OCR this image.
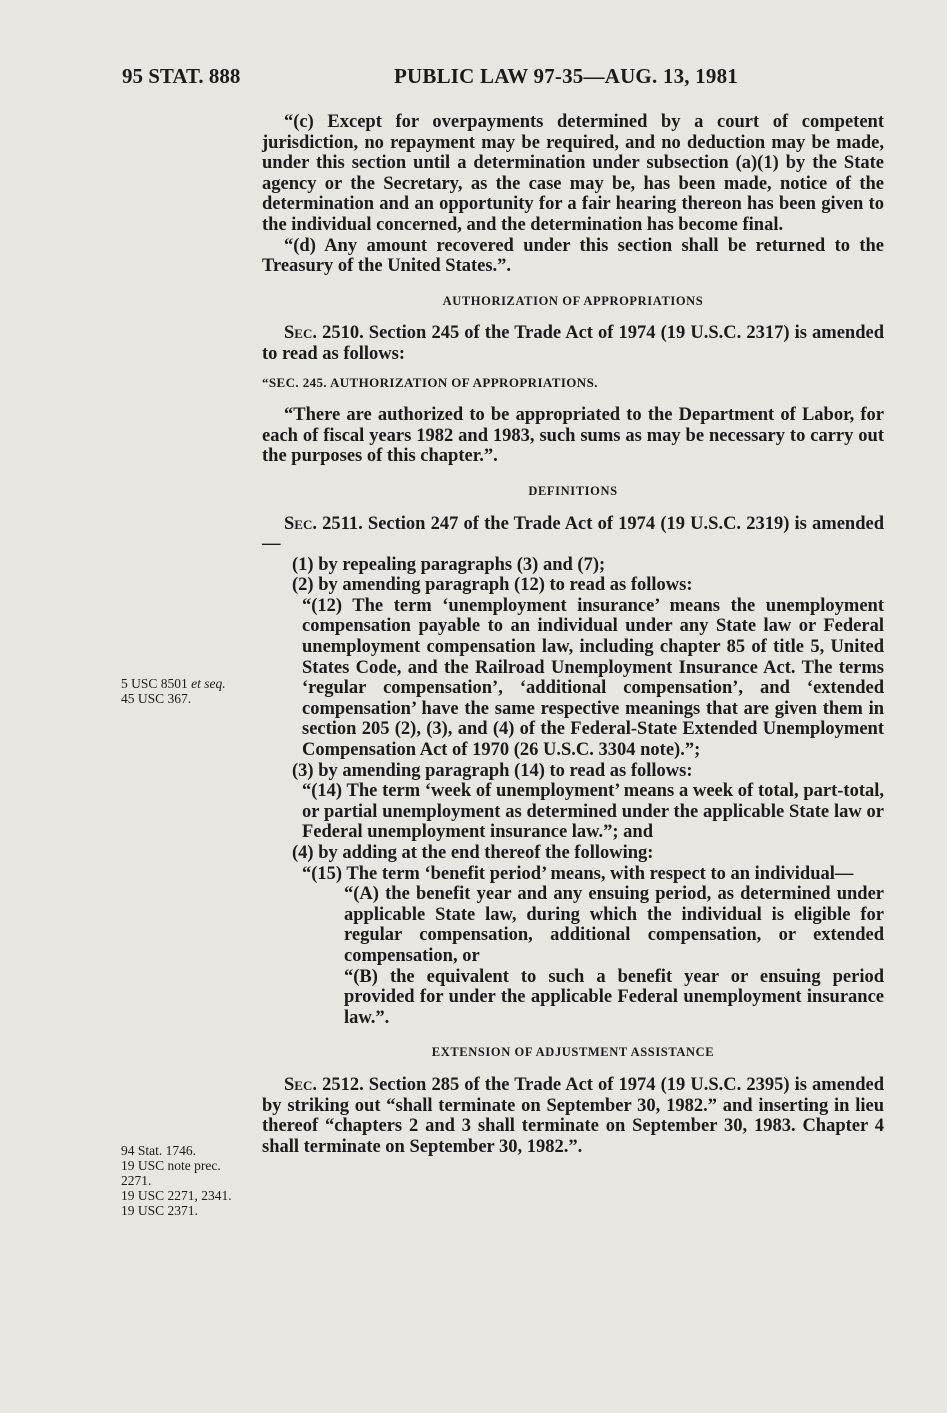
95 STAT. 888	PUBLIC LAW 97-35—AUG. 13, 1981

“(c) Except for overpayments determined by a court of competent jurisdiction, no repayment may be required, and no deduction may be made, under this section until a determination under subsection (a)(1) by the State agency or the Secretary, as the case may be, has been made, notice of the determination and an opportunity for a fair hearing thereon has been given to the individual concerned, and the determination has become final.

“(d) Any amount recovered under this section shall be returned to the Treasury of the United States.”.

AUTHORIZATION OF APPROPRIATIONS

Sec. 2510. Section 245 of the Trade Act of 1974 (19 U.S.C. 2317) is amended to read as follows:

“SEC. 245. AUTHORIZATION OF APPROPRIATIONS.

“There are authorized to be appropriated to the Department of Labor, for each of fiscal years 1982 and 1983, such sums as may be necessary to carry out the purposes of this chapter.”.

DEFINITIONS

Sec. 2511. Section 247 of the Trade Act of 1974 (19 U.S.C. 2319) is amended—

(1) by repealing paragraphs (3) and (7);

(2) by amending paragraph (12) to read as follows:

“(12) The term ‘unemployment insurance’ means the unemployment compensation payable to an individual under any State law or Federal unemployment compensation law, including chapter 85 of title 5, United States Code, and the Railroad Unemployment Insurance Act. The terms ‘regular compensation’, ‘additional compensation’, and ‘extended compensation’ have the same respective meanings that are given them in section 205 (2), (3), and (4) of the Federal-State Extended Unemployment Compensation Act of 1970 (26 U.S.C. 3304 note).”;

(3) by amending paragraph (14) to read as follows:

“(14) The term ‘week of unemployment’ means a week of total, part-total, or partial unemployment as determined under the applicable State law or Federal unemployment insurance law.”; and

(4) by adding at the end thereof the following:

“(15) The term ‘benefit period’ means, with respect to an individual—

“(A) the benefit year and any ensuing period, as determined under applicable State law, during which the individual is eligible for regular compensation, additional compensation, or extended compensation, or

“(B) the equivalent to such a benefit year or ensuing period provided for under the applicable Federal unemployment insurance law.”.

EXTENSION OF ADJUSTMENT ASSISTANCE

Sec. 2512. Section 285 of the Trade Act of 1974 (19 U.S.C. 2395) is amended by striking out “shall terminate on September 30, 1982.” and inserting in lieu thereof “chapters 2 and 3 shall terminate on September 30, 1983. Chapter 4 shall terminate on September 30, 1982.”.

5 USC 8501 et seq.
45 USC 367.
94 Stat. 1746.
19 USC note prec. 2271.
19 USC 2271, 2341.
19 USC 2371.
